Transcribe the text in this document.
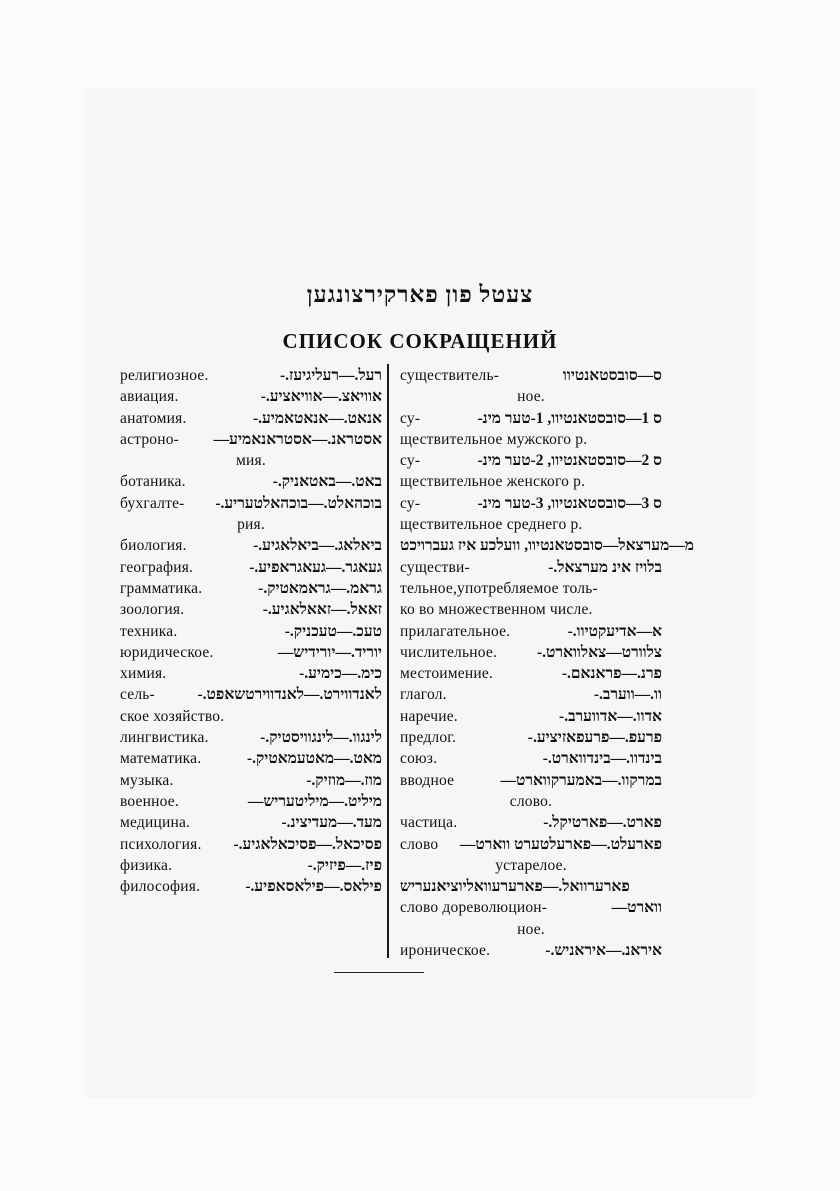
צעטל פון פארקירצונגען
СПИСОК СОКРАЩЕНИЙ
ס—סובסטאנטיוו
существитель-
ное.
ס 1—סובסטאנטיוו, 1-טער מינ-
су-
ществительное мужского р.
ס 2—סובסטאנטיוו, 2-טער מינ-
су-
ществительное женского р.
ס 3—סובסטאנטיוו, 3-טער מינ-
су-
ществительное среднего р.
מ—מערצאל—סובסטאנטיוו, וועלכע איז געברויכט
בלויז אינ מערצאל.-
существи-
тельное,употребляемое толь-
ко во множественном числе.
א—אדיעקטיוו.-
прилагательное.
צלוורט—צאלווארט.-
числительное.
פרנ.—פראנאם.-
местоимение.
וו.—ווערב.-
глагол.
אדוו.—אדווערב.-
наречие.
פרעפ.—פרעפאזיציע.-
предлог.
בינדוו.—בינדווארט.-
союз.
במרקוו.—באמערקווארט—
вводное
слово.
פארט.—פארטיקל.-
частица.
פארעלט.—פארעלטערט ווארט—
слово
устарелое.
פארערוואל.—פארערעוואליוציאנעריש
ווארט—
слово дореволюцион-
ное.
איראנ.—איראניש.-
ироническое.
רעל.—רעליגיעז.-
религиозное.
אוויאצ.—אוויאציע.-
авиация.
אנאט.—אנאטאמיע.-
анатомия.
אסטראנ.—אסטראנאמיע—
астроно-
мия.
באט.—באטאניק.-
ботаника.
בוכהאלט.—בוכהאלטעריע.-
бухгалте-
рия.
ביאלאג.—ביאלאגיע.-
биология.
געאגר.—געאגראפיע.-
география.
גראמ.—גראמאטיק.-
грамматика.
זאאל.—זאאלאגיע.-
зоология.
טעכ.—טעכניק.-
техника.
יוריד.—יורידיש—
юридическое.
כימ.—כימיע.-
химия.
לאנדווירט.—לאנדווירטשאפט.-
сель-
ское хозяйство.
לינגוו.—לינגוויסטיק.-
лингвистика.
מאט.—מאטעמאטיק.-
математика.
מוז.—מוזיק.-
музыка.
מיליט.—מיליטעריש—
военное.
מעד.—מעדיצינ.-
медицина.
פסיכאל.—פסיכאלאגיע.-
психология.
פיז.—פיזיק.-
физика.
פילאס.—פילאסאפיע.-
философия.
